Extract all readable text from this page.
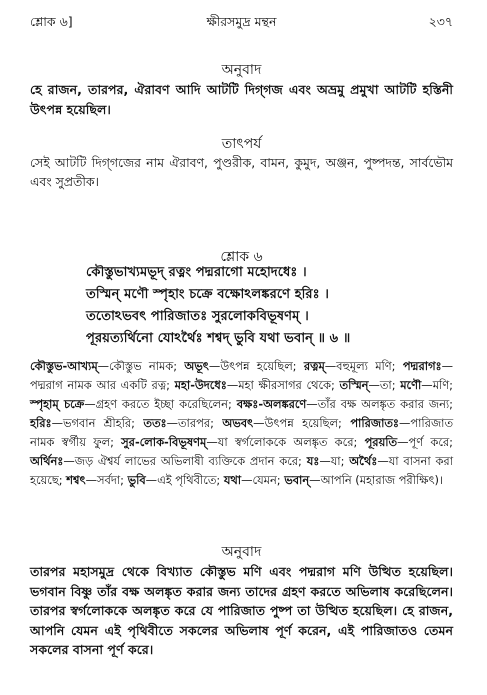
শ্লোক ৬]	ক্ষীরসমুদ্র মন্থন	২৩৭
অনুবাদ
হে রাজন, তারপর, ঐরাবণ আদি আটটি দিগ্‌গজ এবং অভ্রমু প্রমুখা আটটি হস্তিনী উৎপন্ন হয়েছিল।
তাৎপর্য
সেই আটটি দিগ্‌গজের নাম ঐরাবণ, পুণ্ডরীক, বামন, কুমুদ, অঞ্জন, পুষ্পদন্ত, সার্বভৌম এবং সুপ্রতীক।
শ্লোক ৬
কৌস্তুভাখ্যমভূদ্ রত্নং পদ্মরাগো মহোদধেঃ ।
তস্মিন্ মণৌ স্পৃহাং চক্রে বক্ষোঽলঙ্করণে হরিঃ ।
ততোঽভবৎ পারিজাতঃ সুরলোকবিভূষণম্ ।
পূরয়ত্যর্থিনো যোঽর্থৈঃ শশ্বদ্ ভুবি যথা ভবান্ ॥ ৬ ॥
কৌস্তুভ-আখ্যম্—কৌস্তুভ নামক; অভূৎ—উৎপন্ন হয়েছিল; রত্নম্—বহুমূল্য মণি; পদ্মরাগঃ—পদ্মরাগ নামক আর একটি রত্ন; মহা-উদধেঃ—মহা ক্ষীরসাগর থেকে; তস্মিন্—তা; মণৌ—মণি; স্পৃহাম্ চক্রে—গ্রহণ করতে ইচ্ছা করেছিলেন; বক্ষঃ-অলঙ্করণে—তাঁর বক্ষ অলঙ্কৃত করার জন্য; হরিঃ—ভগবান শ্রীহরি; ততঃ—তারপর; অভবৎ—উৎপন্ন হয়েছিল; পারিজাতঃ—পারিজাত নামক স্বর্গীয় ফুল; সুর-লোক-বিভূষণম্—যা স্বর্গলোককে অলঙ্কৃত করে; পূরয়তি—পূর্ণ করে; অর্থিনঃ—জড় ঐশ্বর্য লাভের অভিলাষী ব্যক্তিকে প্রদান করে; যঃ—যা; অর্থৈঃ—যা বাসনা করা হয়েছে; শশ্বৎ—সর্বদা; ভুবি—এই পৃথিবীতে; যথা—যেমন; ভবান্—আপনি (মহারাজ পরীক্ষিৎ)।
অনুবাদ
তারপর মহাসমুদ্র থেকে বিখ্যাত কৌস্তুভ মণি এবং পদ্মরাগ মণি উত্থিত হয়েছিল। ভগবান বিষ্ণু তাঁর বক্ষ অলঙ্কৃত করার জন্য তাদের গ্রহণ করতে অভিলাষ করেছিলেন। তারপর স্বর্গলোককে অলঙ্কৃত করে যে পারিজাত পুষ্প তা উত্থিত হয়েছিল। হে রাজন, আপনি যেমন এই পৃথিবীতে সকলের অভিলাষ পূর্ণ করেন, এই পারিজাতও তেমন সকলের বাসনা পূর্ণ করে।
